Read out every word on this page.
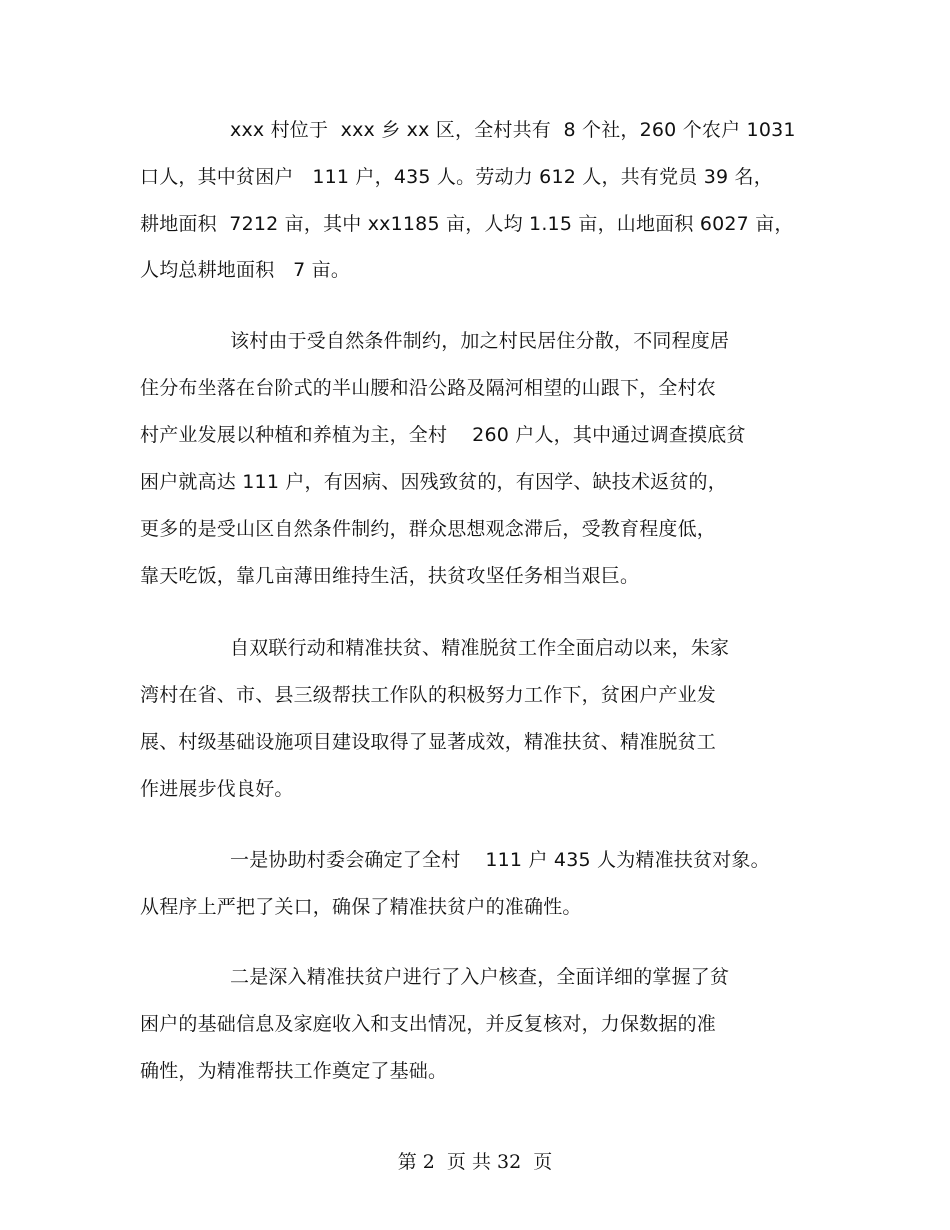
xxx 村位于  xxx 乡 xx 区，全村共有  8 个社，260 个农户 1031
口人，其中贫困户   111 户，435 人。劳动力 612 人，共有党员 39 名，
耕地面积  7212 亩，其中 xx1185 亩，人均 1.15 亩，山地面积 6027 亩，
人均总耕地面积   7 亩。
该村由于受自然条件制约，加之村民居住分散，不同程度居
住分布坐落在台阶式的半山腰和沿公路及隔河相望的山跟下，全村农
村产业发展以种植和养植为主，全村    260 户人，其中通过调查摸底贫
困户就高达 111 户，有因病、因残致贫的，有因学、缺技术返贫的，
更多的是受山区自然条件制约，群众思想观念滞后，受教育程度低，
靠天吃饭，靠几亩薄田维持生活，扶贫攻坚任务相当艰巨。
自双联行动和精准扶贫、精准脱贫工作全面启动以来，朱家
湾村在省、市、县三级帮扶工作队的积极努力工作下，贫困户产业发
展、村级基础设施项目建设取得了显著成效，精准扶贫、精准脱贫工
作进展步伐良好。
一是协助村委会确定了全村    111 户 435 人为精准扶贫对象。
从程序上严把了关口，确保了精准扶贫户的准确性。
二是深入精准扶贫户进行了入户核查，全面详细的掌握了贫
困户的基础信息及家庭收入和支出情况，并反复核对，力保数据的准
确性，为精准帮扶工作奠定了基础。
第 2  页 共 32  页
